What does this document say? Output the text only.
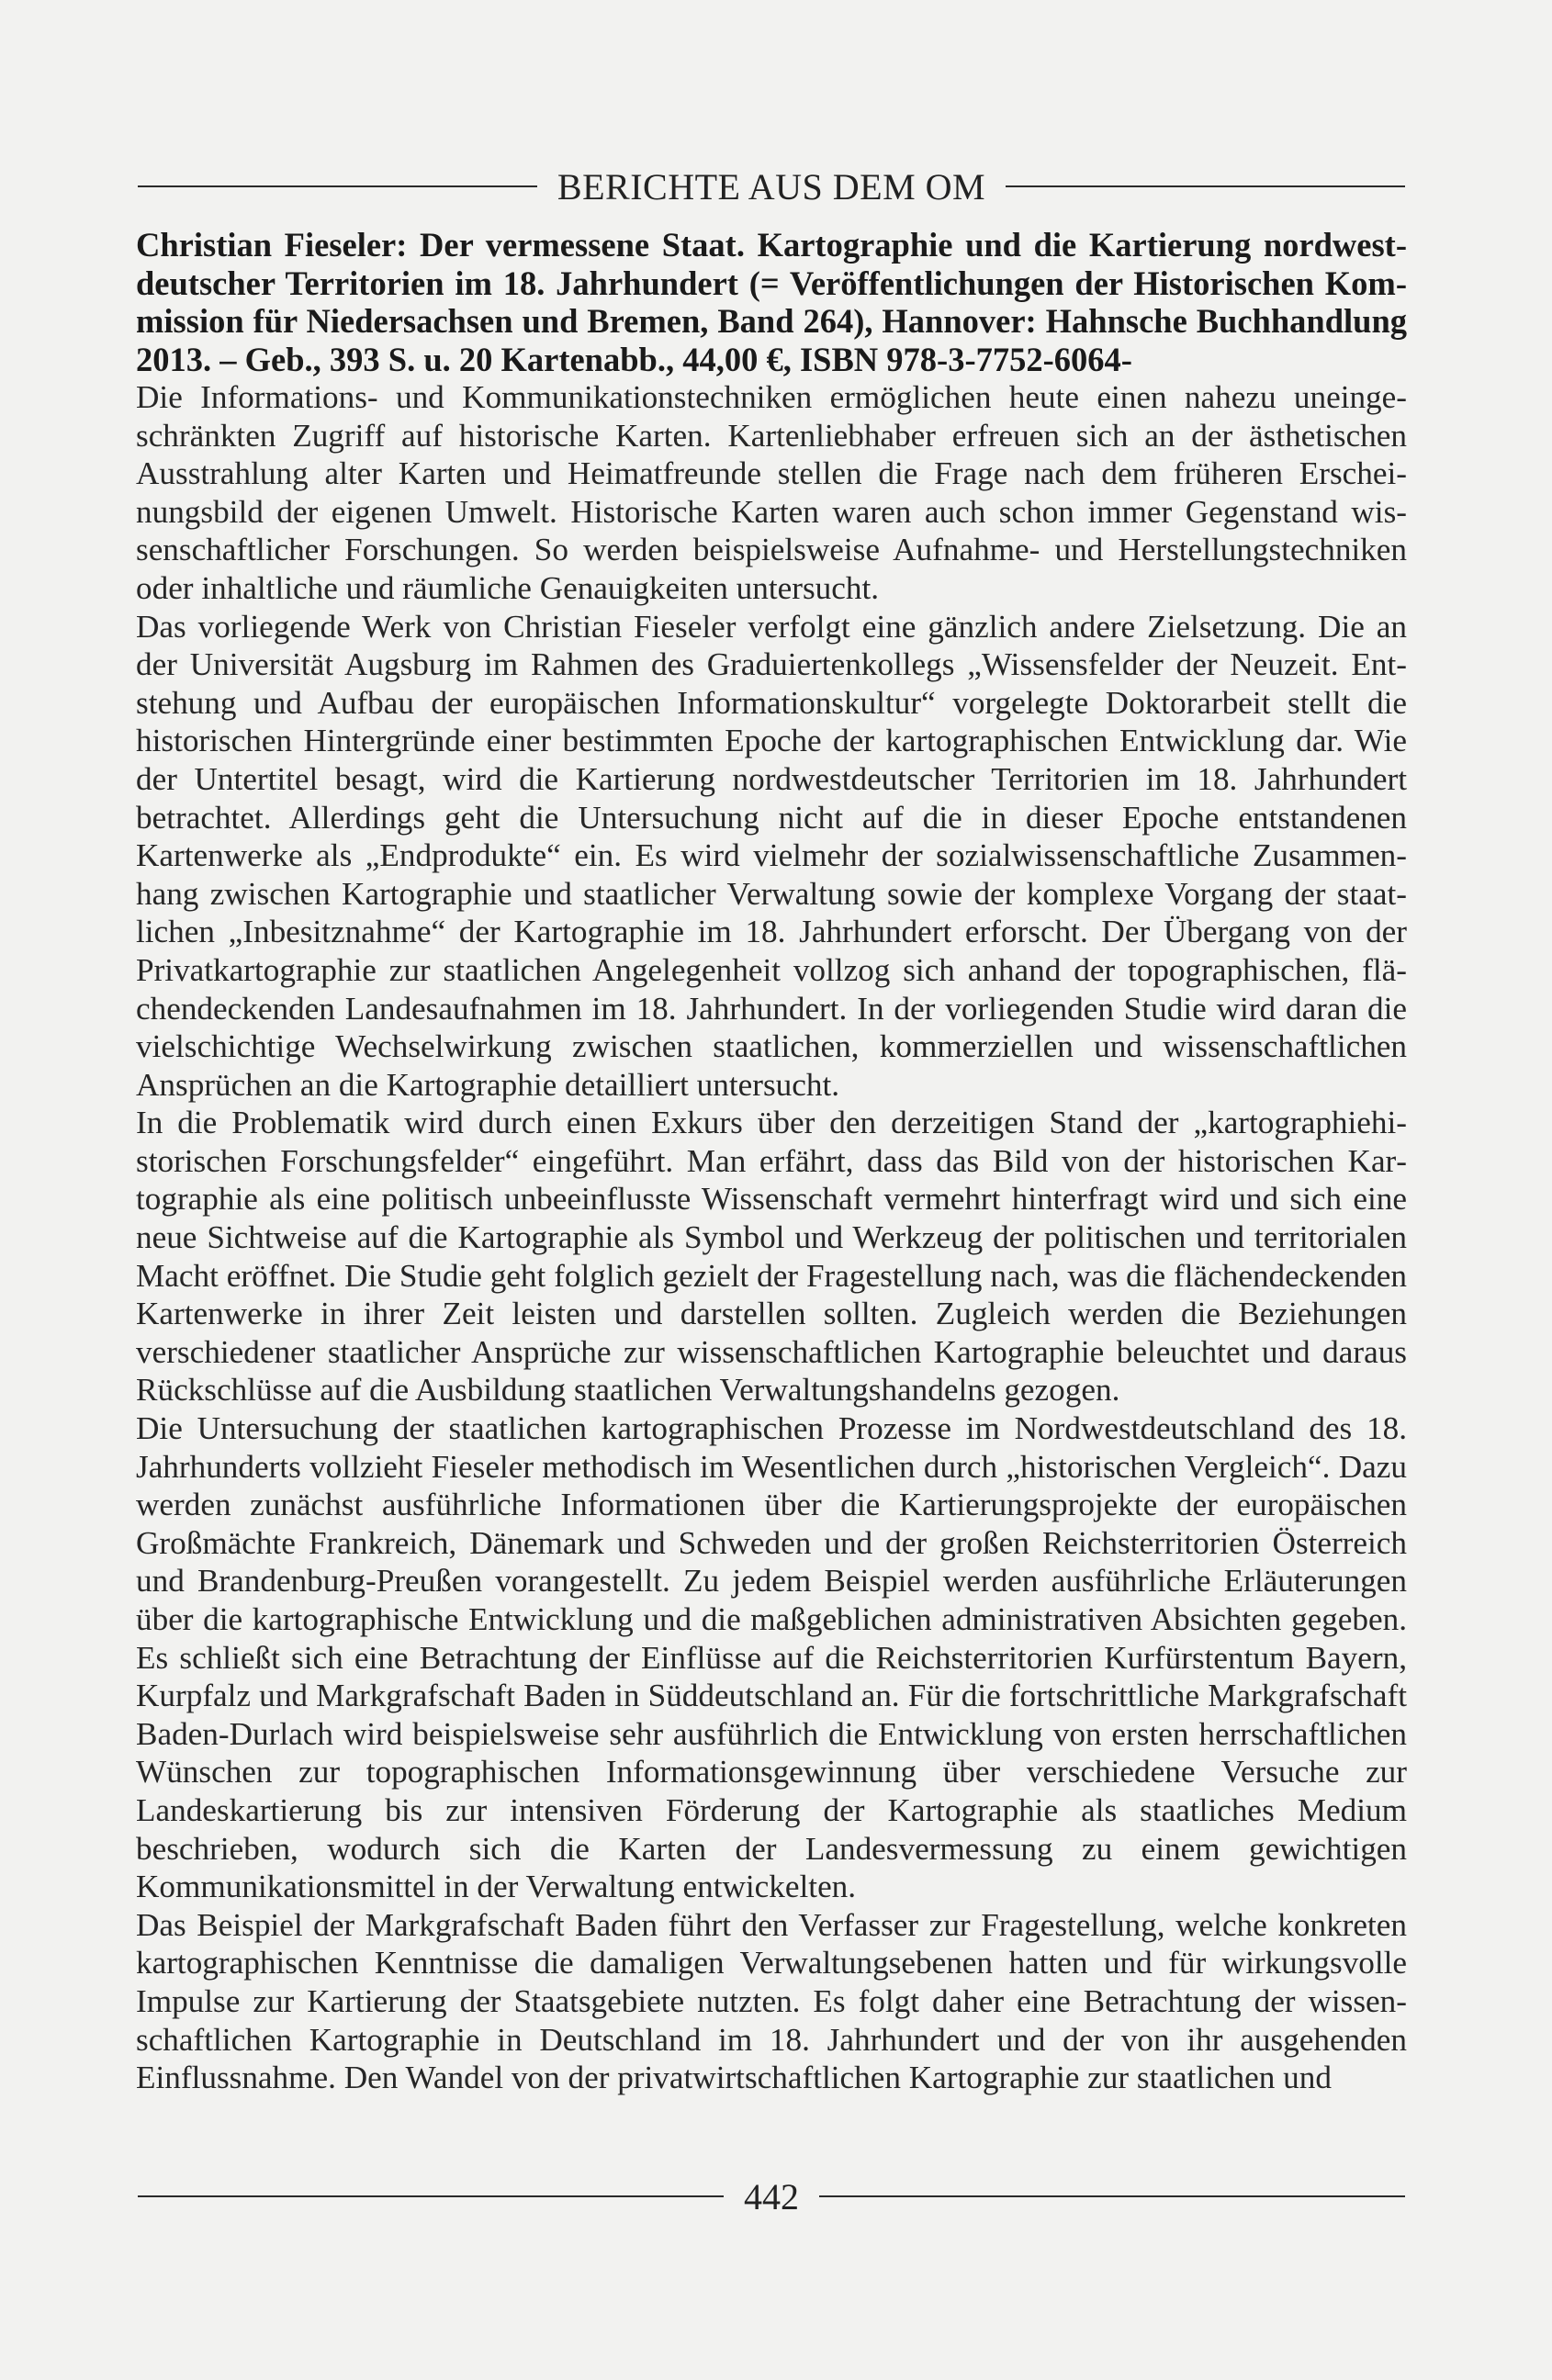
BERICHTE AUS DEM OM

Christian Fieseler: Der vermessene Staat. Kartographie und die Kartierung nordwestdeutscher Territorien im 18. Jahrhundert (= Veröffentlichungen der Historischen Kommission für Niedersachsen und Bremen, Band 264), Hannover: Hahnsche Buchhandlung 2013. – Geb., 393 S. u. 20 Kartenabb., 44,00 €, ISBN 978-3-7752-6064-

Die Informations- und Kommunikationstechniken ermöglichen heute einen nahezu uneingeschränkten Zugriff auf historische Karten. Kartenliebhaber erfreuen sich an der ästhetischen Ausstrahlung alter Karten und Heimatfreunde stellen die Frage nach dem früheren Erscheinungsbild der eigenen Umwelt. Historische Karten waren auch schon immer Gegenstand wissenschaftlicher Forschungen. So werden beispielsweise Aufnahme- und Herstellungstechniken oder inhaltliche und räumliche Genauigkeiten untersucht.

Das vorliegende Werk von Christian Fieseler verfolgt eine gänzlich andere Zielsetzung. Die an der Universität Augsburg im Rahmen des Graduiertenkollegs „Wissensfelder der Neuzeit. Entstehung und Aufbau der europäischen Informationskultur“ vorgelegte Doktorarbeit stellt die historischen Hintergründe einer bestimmten Epoche der kartographischen Entwicklung dar. Wie der Untertitel besagt, wird die Kartierung nordwestdeutscher Territorien im 18. Jahrhundert betrachtet. Allerdings geht die Untersuchung nicht auf die in dieser Epoche entstandenen Kartenwerke als „Endprodukte“ ein. Es wird vielmehr der sozialwissenschaftliche Zusammenhang zwischen Kartographie und staatlicher Verwaltung sowie der komplexe Vorgang der staatlichen „Inbesitznahme“ der Kartographie im 18. Jahrhundert erforscht. Der Übergang von der Privatkartographie zur staatlichen Angelegenheit vollzog sich anhand der topographischen, flächendeckenden Landesaufnahmen im 18. Jahrhundert. In der vorliegenden Studie wird daran die vielschichtige Wechselwirkung zwischen staatlichen, kommerziellen und wissenschaftlichen Ansprüchen an die Kartographie detailliert untersucht.

In die Problematik wird durch einen Exkurs über den derzeitigen Stand der „kartographiehistorischen Forschungsfelder“ eingeführt. Man erfährt, dass das Bild von der historischen Kartographie als eine politisch unbeeinflusste Wissenschaft vermehrt hinterfragt wird und sich eine neue Sichtweise auf die Kartographie als Symbol und Werkzeug der politischen und territorialen Macht eröffnet. Die Studie geht folglich gezielt der Fragestellung nach, was die flächendeckenden Kartenwerke in ihrer Zeit leisten und darstellen sollten. Zugleich werden die Beziehungen verschiedener staatlicher Ansprüche zur wissenschaftlichen Kartographie beleuchtet und daraus Rückschlüsse auf die Ausbildung staatlichen Verwaltungshandelns gezogen.

Die Untersuchung der staatlichen kartographischen Prozesse im Nordwestdeutschland des 18. Jahrhunderts vollzieht Fieseler methodisch im Wesentlichen durch „historischen Vergleich“. Dazu werden zunächst ausführliche Informationen über die Kartierungsprojekte der europäischen Großmächte Frankreich, Dänemark und Schweden und der großen Reichsterritorien Österreich und Brandenburg-Preußen vorangestellt. Zu jedem Beispiel werden ausführliche Erläuterungen über die kartographische Entwicklung und die maßgeblichen administrativen Absichten gegeben. Es schließt sich eine Betrachtung der Einflüsse auf die Reichsterritorien Kurfürstentum Bayern, Kurpfalz und Markgrafschaft Baden in Süddeutschland an. Für die fortschrittliche Markgrafschaft Baden-Durlach wird beispielsweise sehr ausführlich die Entwicklung von ersten herrschaftlichen Wünschen zur topographischen Informationsgewinnung über verschiedene Versuche zur Landeskartierung bis zur intensiven Förderung der Kartographie als staatliches Medium beschrieben, wodurch sich die Karten der Landesvermessung zu einem gewichtigen Kommunikationsmittel in der Verwaltung entwickelten.

Das Beispiel der Markgrafschaft Baden führt den Verfasser zur Fragestellung, welche konkreten kartographischen Kenntnisse die damaligen Verwaltungsebenen hatten und für wirkungsvolle Impulse zur Kartierung der Staatsgebiete nutzten. Es folgt daher eine Betrachtung der wissenschaftlichen Kartographie in Deutschland im 18. Jahrhundert und der von ihr ausgehenden Einflussnahme. Den Wandel von der privatwirtschaftlichen Kartographie zur staatlichen und

442
